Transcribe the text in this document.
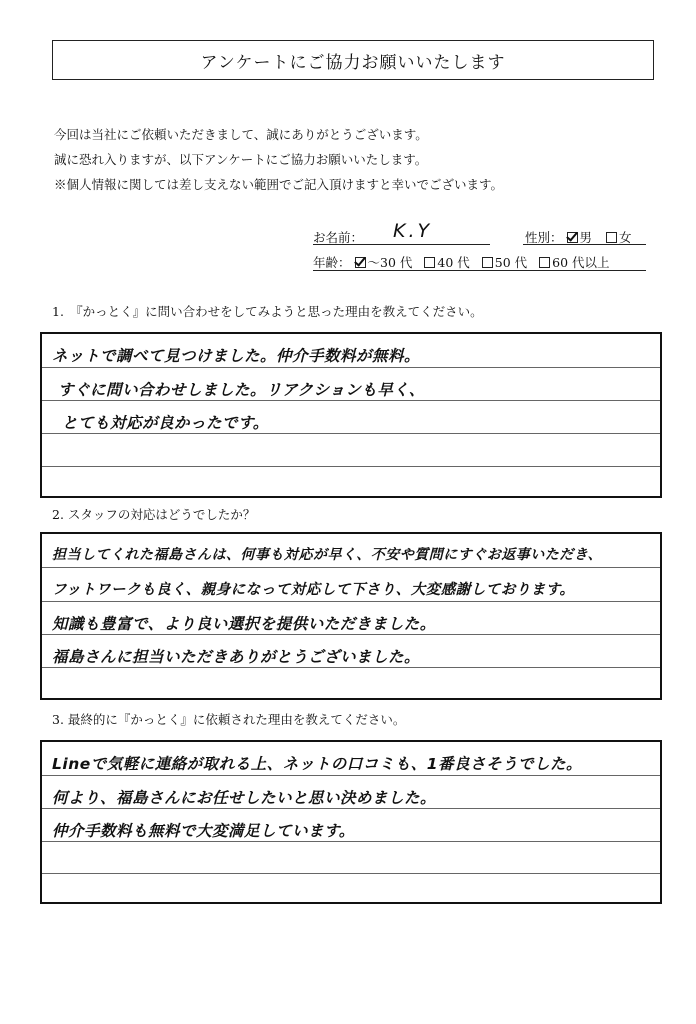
アンケートにご協力お願いいたします
今回は当社にご依頼いただきまして、誠にありがとうございます。
誠に恐れ入りますが、以下アンケートにご協力お願いいたします。
※個人情報に関しては差し支えない範囲でご記入頂けますと幸いでございます。
お名前： K.Y	性別： 男 女
年齢： ～30 代 40 代 50 代 60 代以上
1.　『かっとく』に問い合わせをしてみようと思った理由を教えてください。
ネットで調べて見つけました。仲介手数料が無料。
すぐに問い合わせしました。リアクションも早く、
とても対応が良かったです。
2. スタッフの対応はどうでしたか？
担当してくれた福島さんは、何事も対応が早く、不安や質問にすぐお返事いただき、
フットワークも良く、親身になって対応して下さり、大変感謝しております。
知識も豊富で、より良い選択を提供いただきました。
福島さんに担当いただきありがとうございました。
3. 最終的に『かっとく』に依頼された理由を教えてください。
Lineで気軽に連絡が取れる上、ネットの口コミも、1番良さそうでした。
何より、福島さんにお任せしたいと思い決めました。
仲介手数料も無料で大変満足しています。
